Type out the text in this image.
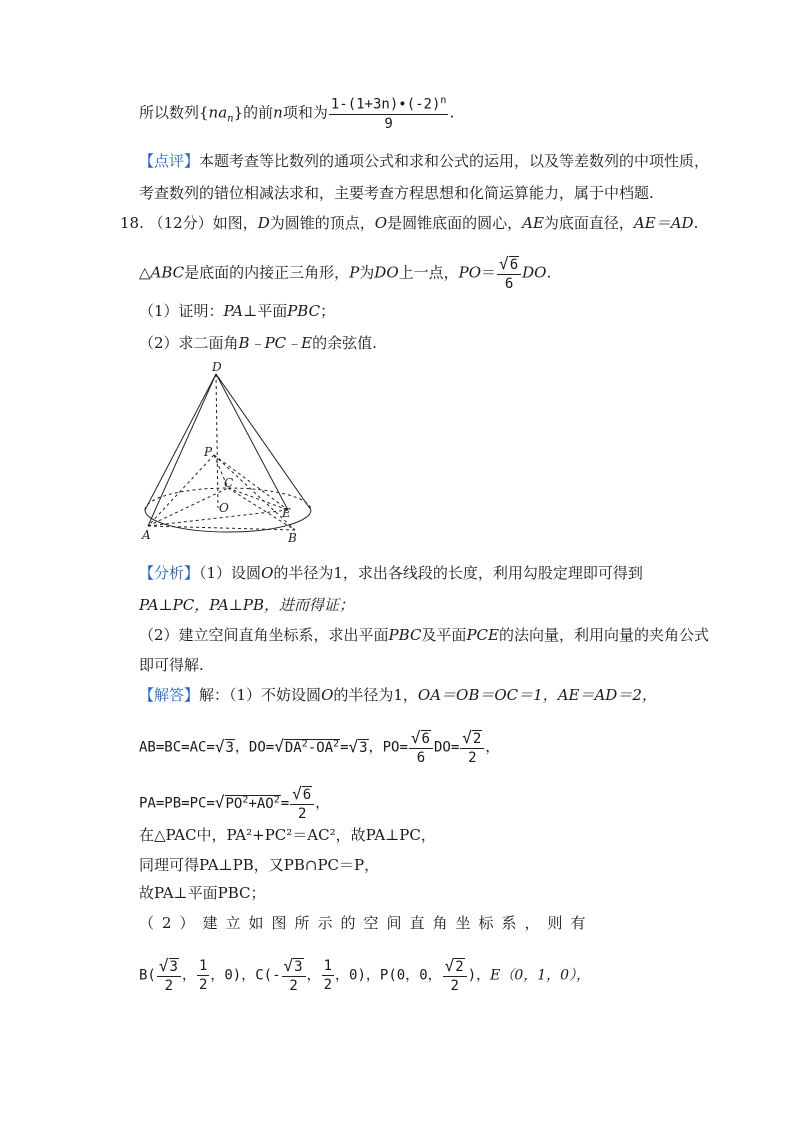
所以数列$\{na_n\}$的前n项和为 $\frac{1-(1+3n)•(-2)^n}{9}$ .
【点评】本题考查等比数列的通项公式和求和公式的运用，以及等差数列的中项性质，
考查数列的错位相减法求和，主要考查方程思想和化简运算能力，属于中档题.
18. （12分）如图，D为圆锥的顶点，O是圆锥底面的圆心，AE为底面直径，AE＝AD.
△ABC是底面的内接正三角形，P为DO上一点，$PO= \frac{√6}{6}$ DO.
（1）证明：PA⊥平面PBC；
（2）求二面角B﹣PC﹣E的余弦值.
D
P
C
O	E
A	B
【分析】（1）设圆O的半径为1，求出各线段的长度，利用勾股定理即可得到
PA⊥PC，PA⊥PB，进而得证；
（2）建立空间直角坐标系，求出平面PBC及平面PCE的法向量，利用向量的夹角公式
即可得解.
【解答】解：（1）不妨设圆O的半径为1，OA＝OB＝OC＝1，AE＝AD＝2，
AB=BC=AC=√3，$DO=√DA^2-OA^2=√3$，$PO= \frac{√6}{6} DO= \frac{√2}{2}$ ，
$PA=PB=PC=√PO^2+AO^2= \frac{√6}{2}$ ，
在△PAC中，PA²+PC²＝AC²，故PA⊥PC，
同理可得PA⊥PB，又PB∩PC＝P，
故PA⊥平面PBC；
（2）建立如图所示的空间直角坐标系，则有
$B( \frac{√3}{2}$ ， $\frac{1}{2}$ ，0)，$C(- \frac{√3}{2}$ ， $\frac{1}{2}$ ，0)，P(0，0， $\frac{√2}{2}$ )，E（0，1，0），
